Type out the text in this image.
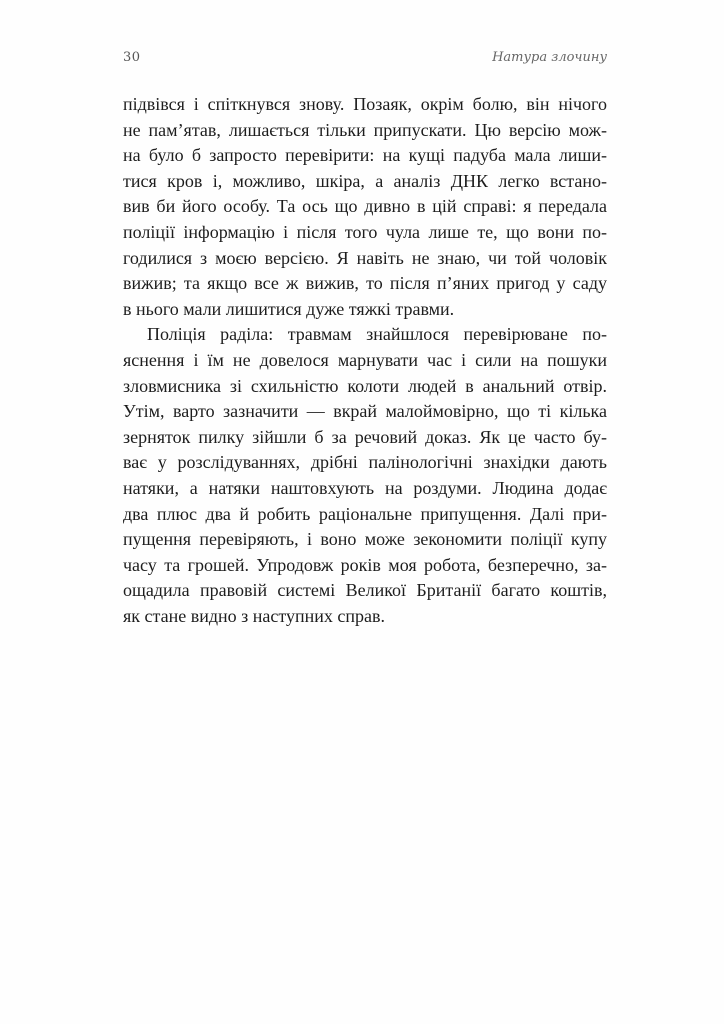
30	Натура злочину
підвівся і спіткнувся знову. Позаяк, окрім болю, він нічого
не пам’ятав, лишається тільки припускати. Цю версію мож-
на було б запросто перевірити: на кущі падуба мала лиши-
тися кров і, можливо, шкіра, а аналіз ДНК легко встано-
вив би його особу. Та ось що дивно в цій справі: я передала
поліції інформацію і після того чула лише те, що вони по-
годилися з моєю версією. Я навіть не знаю, чи той чоловік
вижив; та якщо все ж вижив, то після п’яних пригод у саду
в нього мали лишитися дуже тяжкі травми.
Поліція раділа: травмам знайшлося перевірюване по-
яснення і їм не довелося марнувати час і сили на пошуки
зловмисника зі схильністю колоти людей в анальний отвір.
Утім, варто зазначити — вкрай малоймовірно, що ті кілька
зерняток пилку зійшли б за речовий доказ. Як це часто бу-
ває у розслідуваннях, дрібні палінологічні знахідки дають
натяки, а натяки наштовхують на роздуми. Людина додає
два плюс два й робить раціональне припущення. Далі при-
пущення перевіряють, і воно може зекономити поліції купу
часу та грошей. Упродовж років моя робота, безперечно, за-
ощадила правовій системі Великої Британії багато коштів,
як стане видно з наступних справ.
